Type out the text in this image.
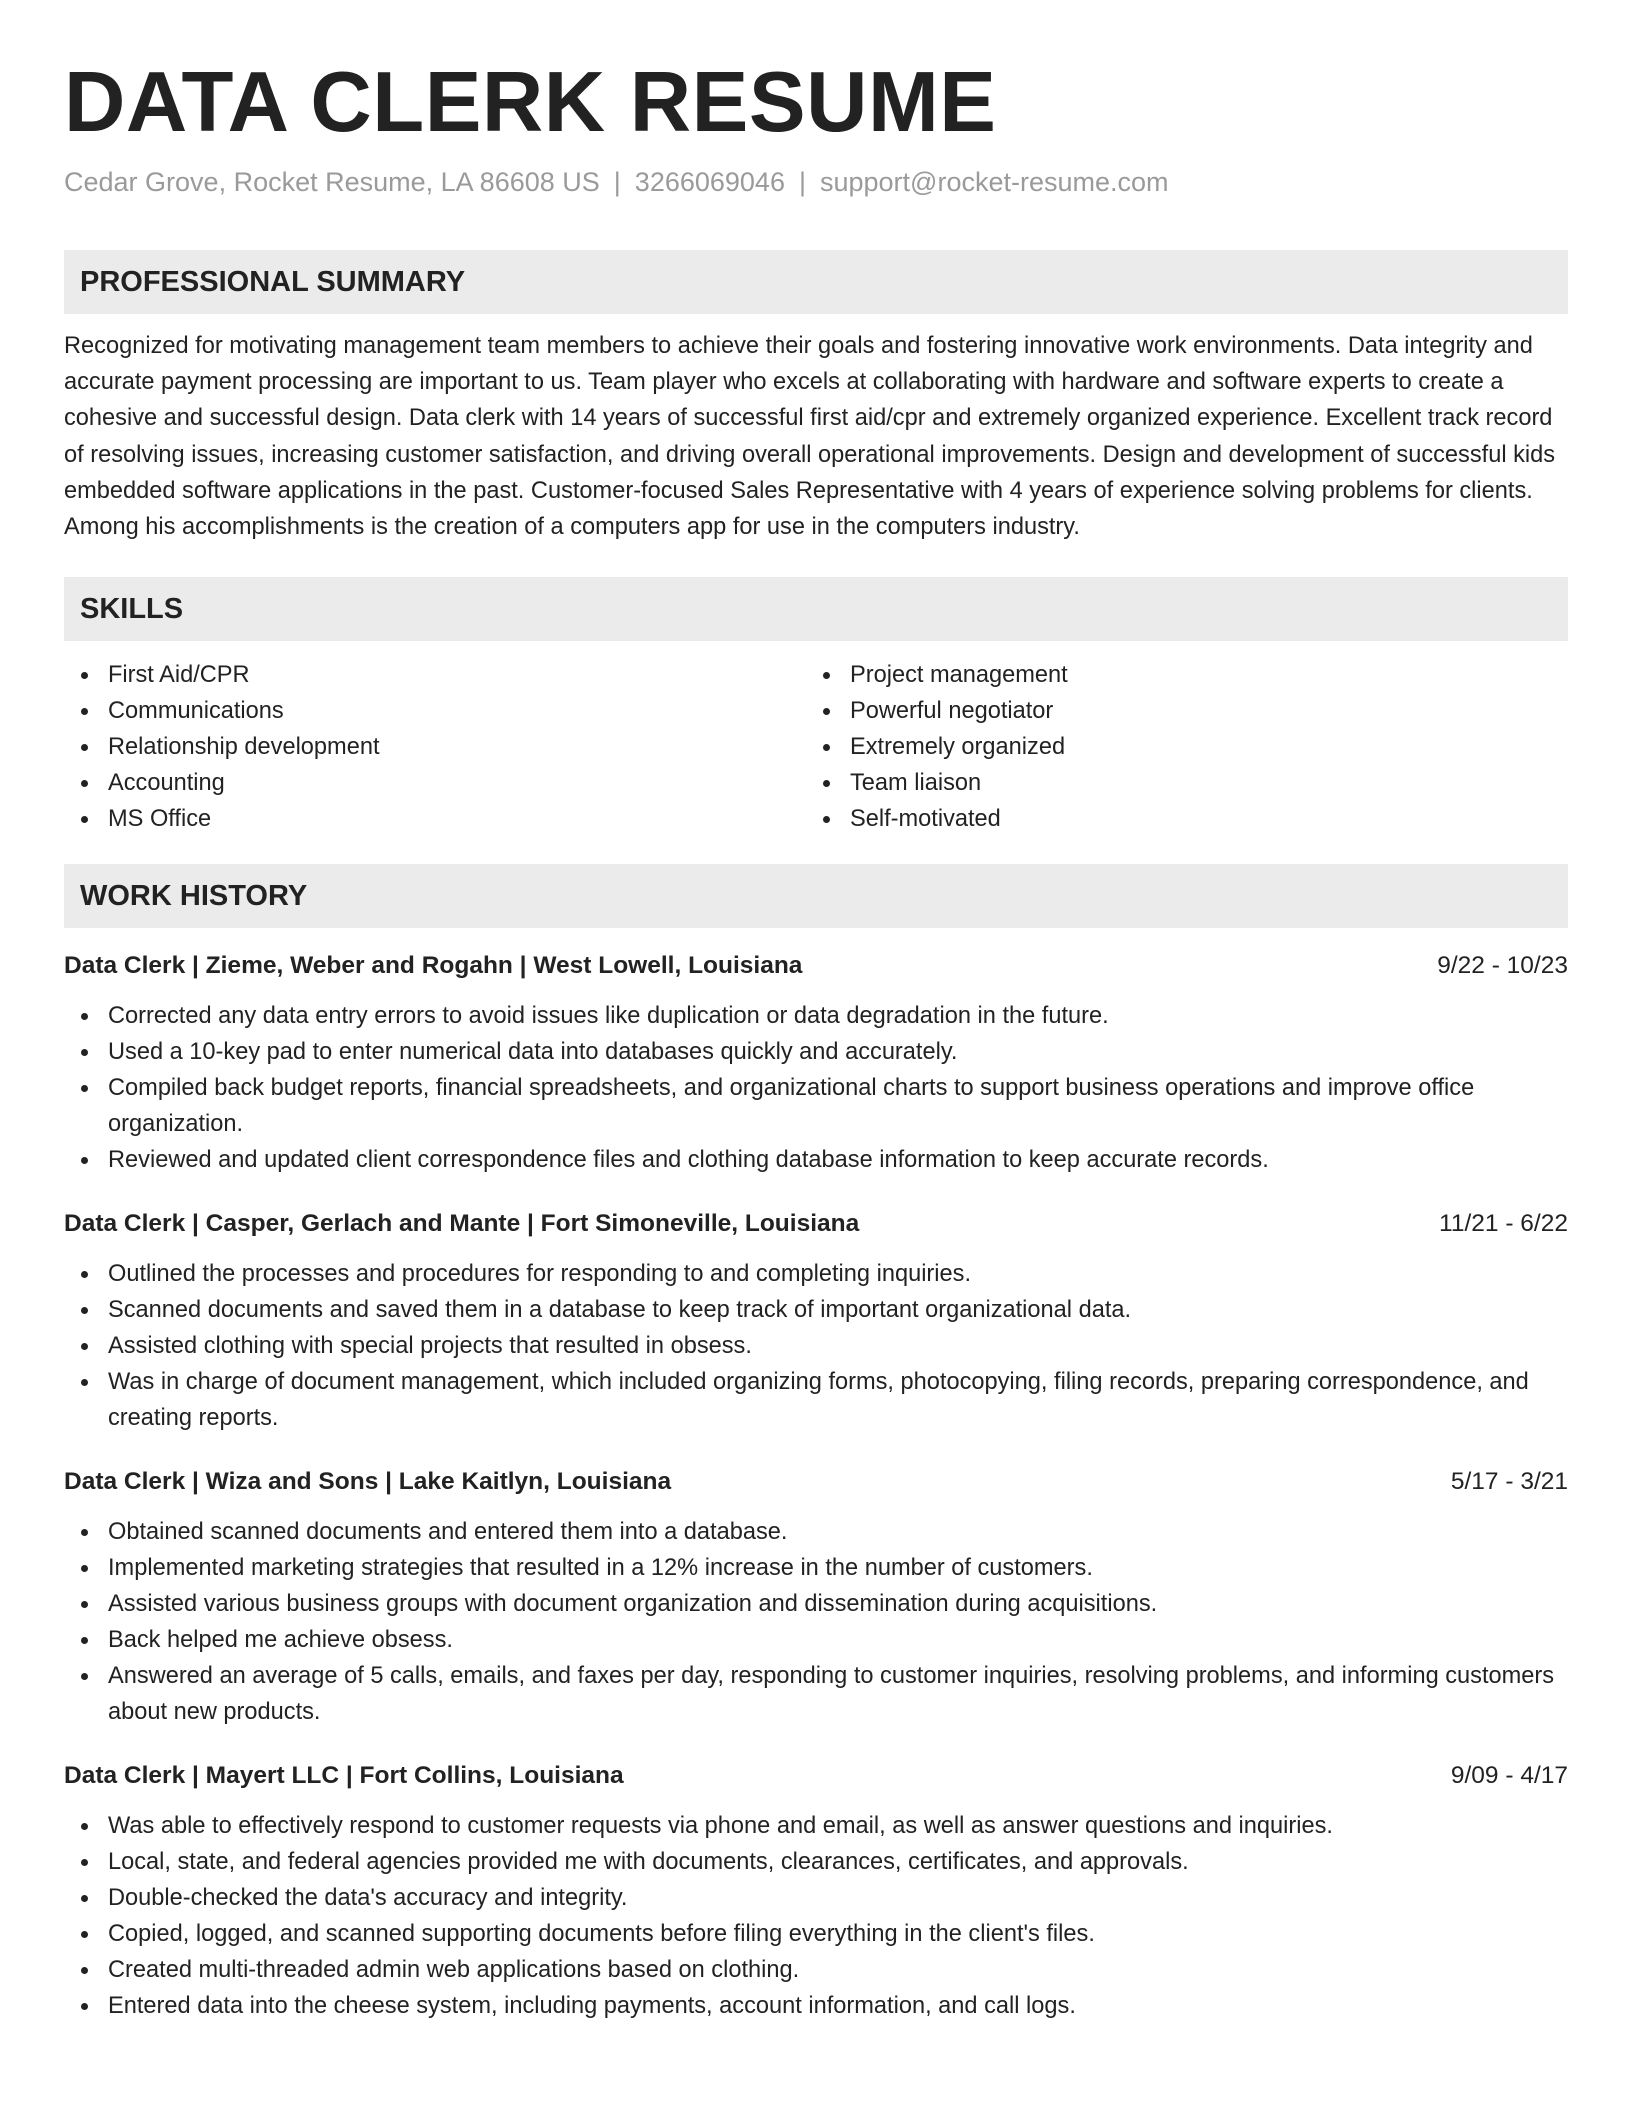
DATA CLERK RESUME
Cedar Grove, Rocket Resume, LA 86608 US | 3266069046 | support@rocket-resume.com
PROFESSIONAL SUMMARY
Recognized for motivating management team members to achieve their goals and fostering innovative work environments. Data integrity and accurate payment processing are important to us. Team player who excels at collaborating with hardware and software experts to create a cohesive and successful design. Data clerk with 14 years of successful first aid/cpr and extremely organized experience. Excellent track record of resolving issues, increasing customer satisfaction, and driving overall operational improvements. Design and development of successful kids embedded software applications in the past. Customer-focused Sales Representative with 4 years of experience solving problems for clients. Among his accomplishments is the creation of a computers app for use in the computers industry.
SKILLS
First Aid/CPR
Communications
Relationship development
Accounting
MS Office
Project management
Powerful negotiator
Extremely organized
Team liaison
Self-motivated
WORK HISTORY
Data Clerk | Zieme, Weber and Rogahn | West Lowell, Louisiana	9/22 - 10/23
Corrected any data entry errors to avoid issues like duplication or data degradation in the future.
Used a 10-key pad to enter numerical data into databases quickly and accurately.
Compiled back budget reports, financial spreadsheets, and organizational charts to support business operations and improve office organization.
Reviewed and updated client correspondence files and clothing database information to keep accurate records.
Data Clerk | Casper, Gerlach and Mante | Fort Simoneville, Louisiana	11/21 - 6/22
Outlined the processes and procedures for responding to and completing inquiries.
Scanned documents and saved them in a database to keep track of important organizational data.
Assisted clothing with special projects that resulted in obsess.
Was in charge of document management, which included organizing forms, photocopying, filing records, preparing correspondence, and creating reports.
Data Clerk | Wiza and Sons | Lake Kaitlyn, Louisiana	5/17 - 3/21
Obtained scanned documents and entered them into a database.
Implemented marketing strategies that resulted in a 12% increase in the number of customers.
Assisted various business groups with document organization and dissemination during acquisitions.
Back helped me achieve obsess.
Answered an average of 5 calls, emails, and faxes per day, responding to customer inquiries, resolving problems, and informing customers about new products.
Data Clerk | Mayert LLC | Fort Collins, Louisiana	9/09 - 4/17
Was able to effectively respond to customer requests via phone and email, as well as answer questions and inquiries.
Local, state, and federal agencies provided me with documents, clearances, certificates, and approvals.
Double-checked the data's accuracy and integrity.
Copied, logged, and scanned supporting documents before filing everything in the client's files.
Created multi-threaded admin web applications based on clothing.
Entered data into the cheese system, including payments, account information, and call logs.
